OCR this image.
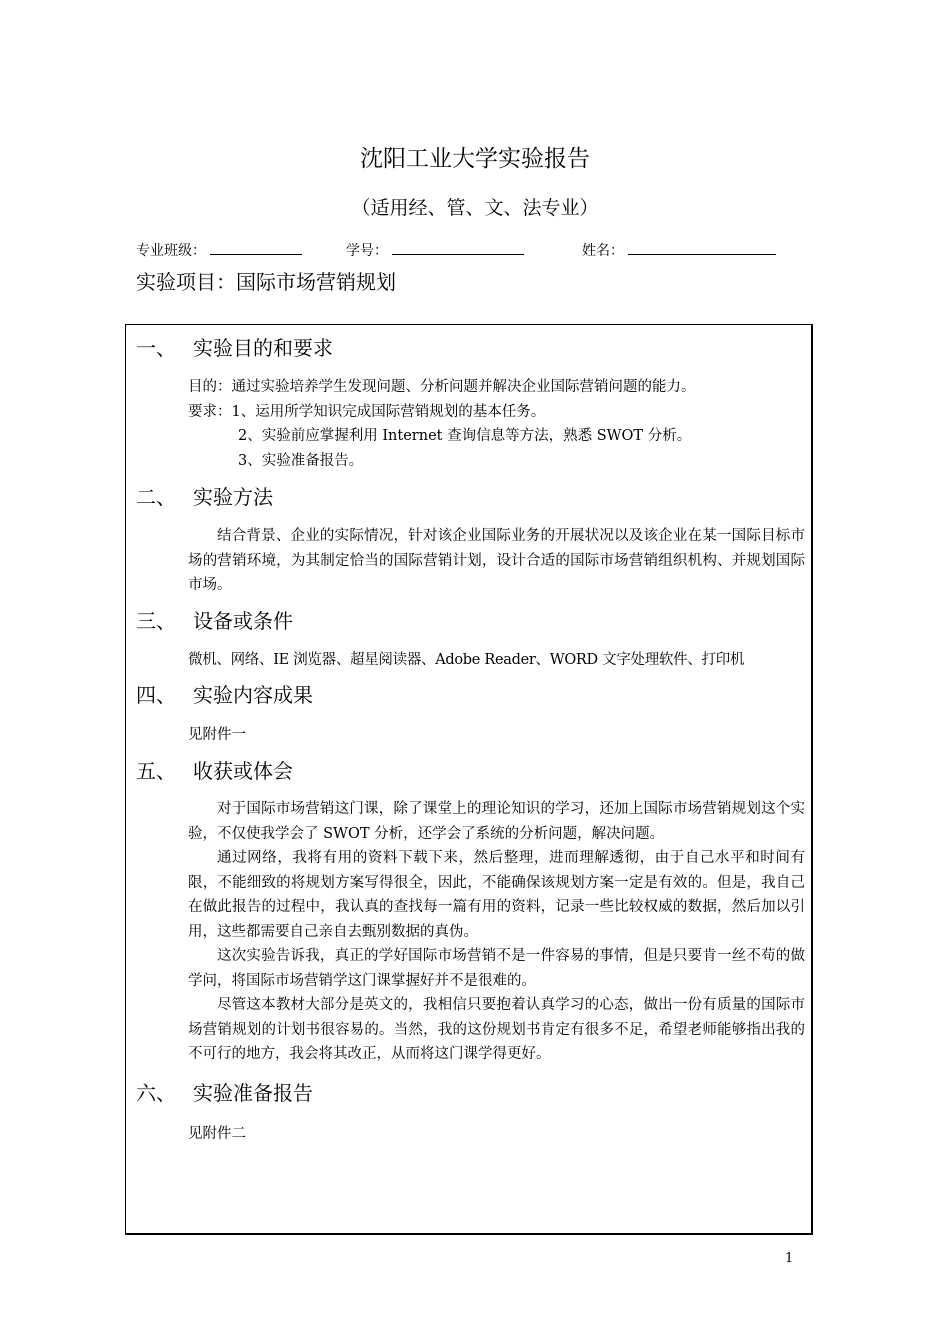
沈阳工业大学实验报告
（适用经、管、文、法专业）
专业班级：	学号：	姓名：
实验项目：国际市场营销规划
一、 实验目的和要求
目的：通过实验培养学生发现问题、分析问题并解决企业国际营销问题的能力。
要求：1、运用所学知识完成国际营销规划的基本任务。
2、实验前应掌握利用 Internet 查询信息等方法，熟悉 SWOT 分析。
3、实验准备报告。
二、 实验方法
结合背景、企业的实际情况，针对该企业国际业务的开展状况以及该企业在某一国际目标市场的营销环境，为其制定恰当的国际营销计划，设计合适的国际市场营销组织机构、并规划国际市场。
三、 设备或条件
微机、网络、IE 浏览器、超星阅读器、Adobe Reader、WORD 文字处理软件、打印机
四、 实验内容成果
见附件一
五、 收获或体会
对于国际市场营销这门课，除了课堂上的理论知识的学习，还加上国际市场营销规划这个实验，不仅使我学会了 SWOT 分析，还学会了系统的分析问题，解决问题。
通过网络，我将有用的资料下载下来，然后整理，进而理解透彻，由于自己水平和时间有限，不能细致的将规划方案写得很全，因此，不能确保该规划方案一定是有效的。但是，我自己在做此报告的过程中，我认真的查找每一篇有用的资料，记录一些比较权威的数据，然后加以引用，这些都需要自己亲自去甄别数据的真伪。
这次实验告诉我，真正的学好国际市场营销不是一件容易的事情，但是只要肯一丝不苟的做学问，将国际市场营销学这门课掌握好并不是很难的。
尽管这本教材大部分是英文的，我相信只要抱着认真学习的心态，做出一份有质量的国际市场营销规划的计划书很容易的。当然，我的这份规划书肯定有很多不足，希望老师能够指出我的不可行的地方，我会将其改正，从而将这门课学得更好。
六、 实验准备报告
见附件二
1
